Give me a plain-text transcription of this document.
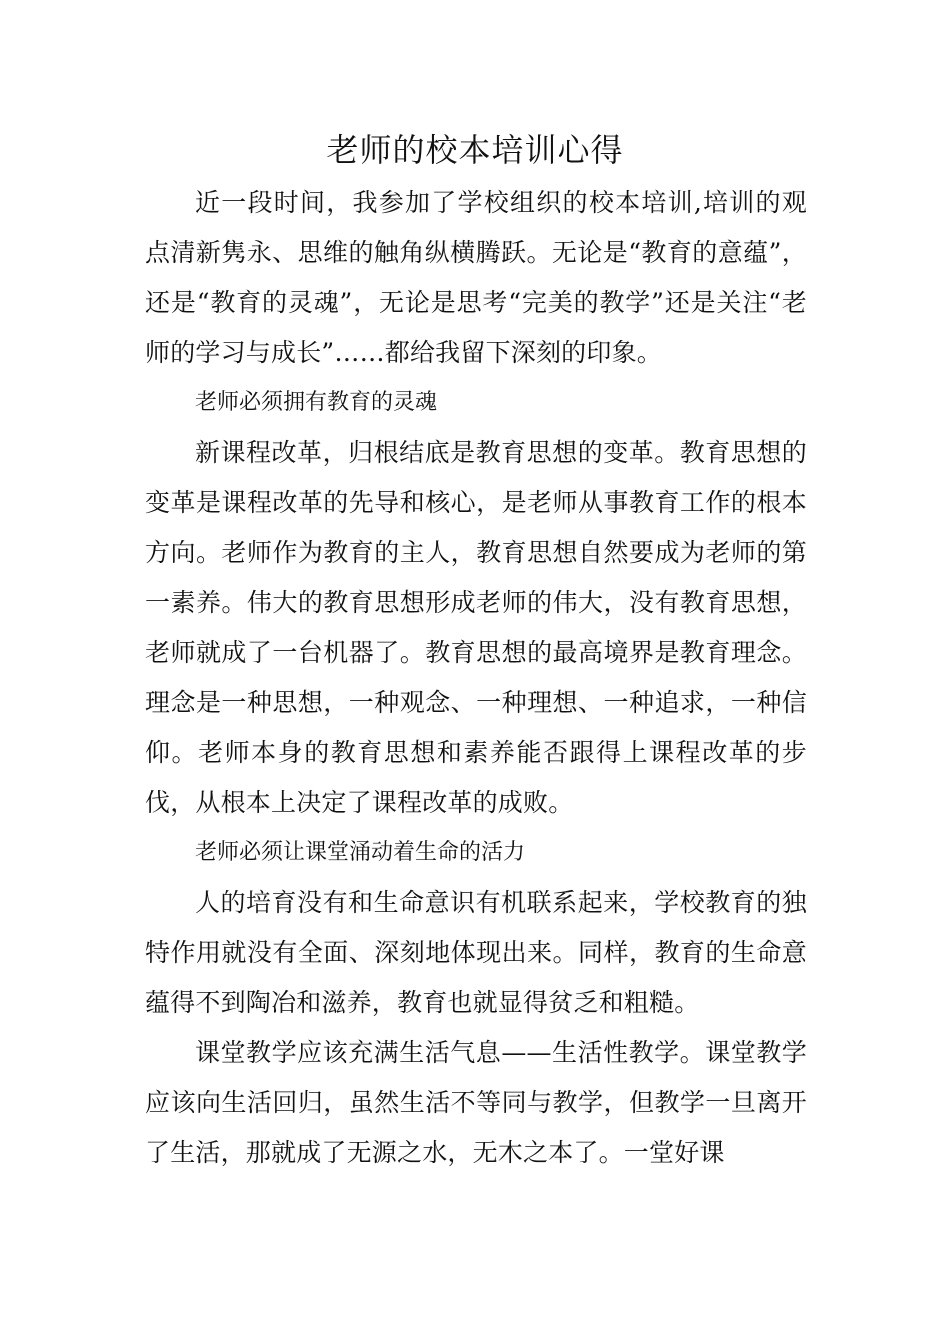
老师的校本培训心得

近一段时间，我参加了学校组织的校本培训,培训的观点清新隽永、思维的触角纵横腾跃。无论是“教育的意蕴”，还是“教育的灵魂”，无论是思考“完美的教学”还是关注“老师的学习与成长”……都给我留下深刻的印象。

老师必须拥有教育的灵魂

新课程改革，归根结底是教育思想的变革。教育思想的变革是课程改革的先导和核心，是老师从事教育工作的根本方向。老师作为教育的主人，教育思想自然要成为老师的第一素养。伟大的教育思想形成老师的伟大，没有教育思想，老师就成了一台机器了。教育思想的最高境界是教育理念。理念是一种思想，一种观念、一种理想、一种追求，一种信仰。老师本身的教育思想和素养能否跟得上课程改革的步伐，从根本上决定了课程改革的成败。

老师必须让课堂涌动着生命的活力

人的培育没有和生命意识有机联系起来，学校教育的独特作用就没有全面、深刻地体现出来。同样，教育的生命意蕴得不到陶冶和滋养，教育也就显得贫乏和粗糙。

课堂教学应该充满生活气息——生活性教学。课堂教学应该向生活回归，虽然生活不等同与教学，但教学一旦离开了生活，那就成了无源之水，无木之本了。一堂好课
